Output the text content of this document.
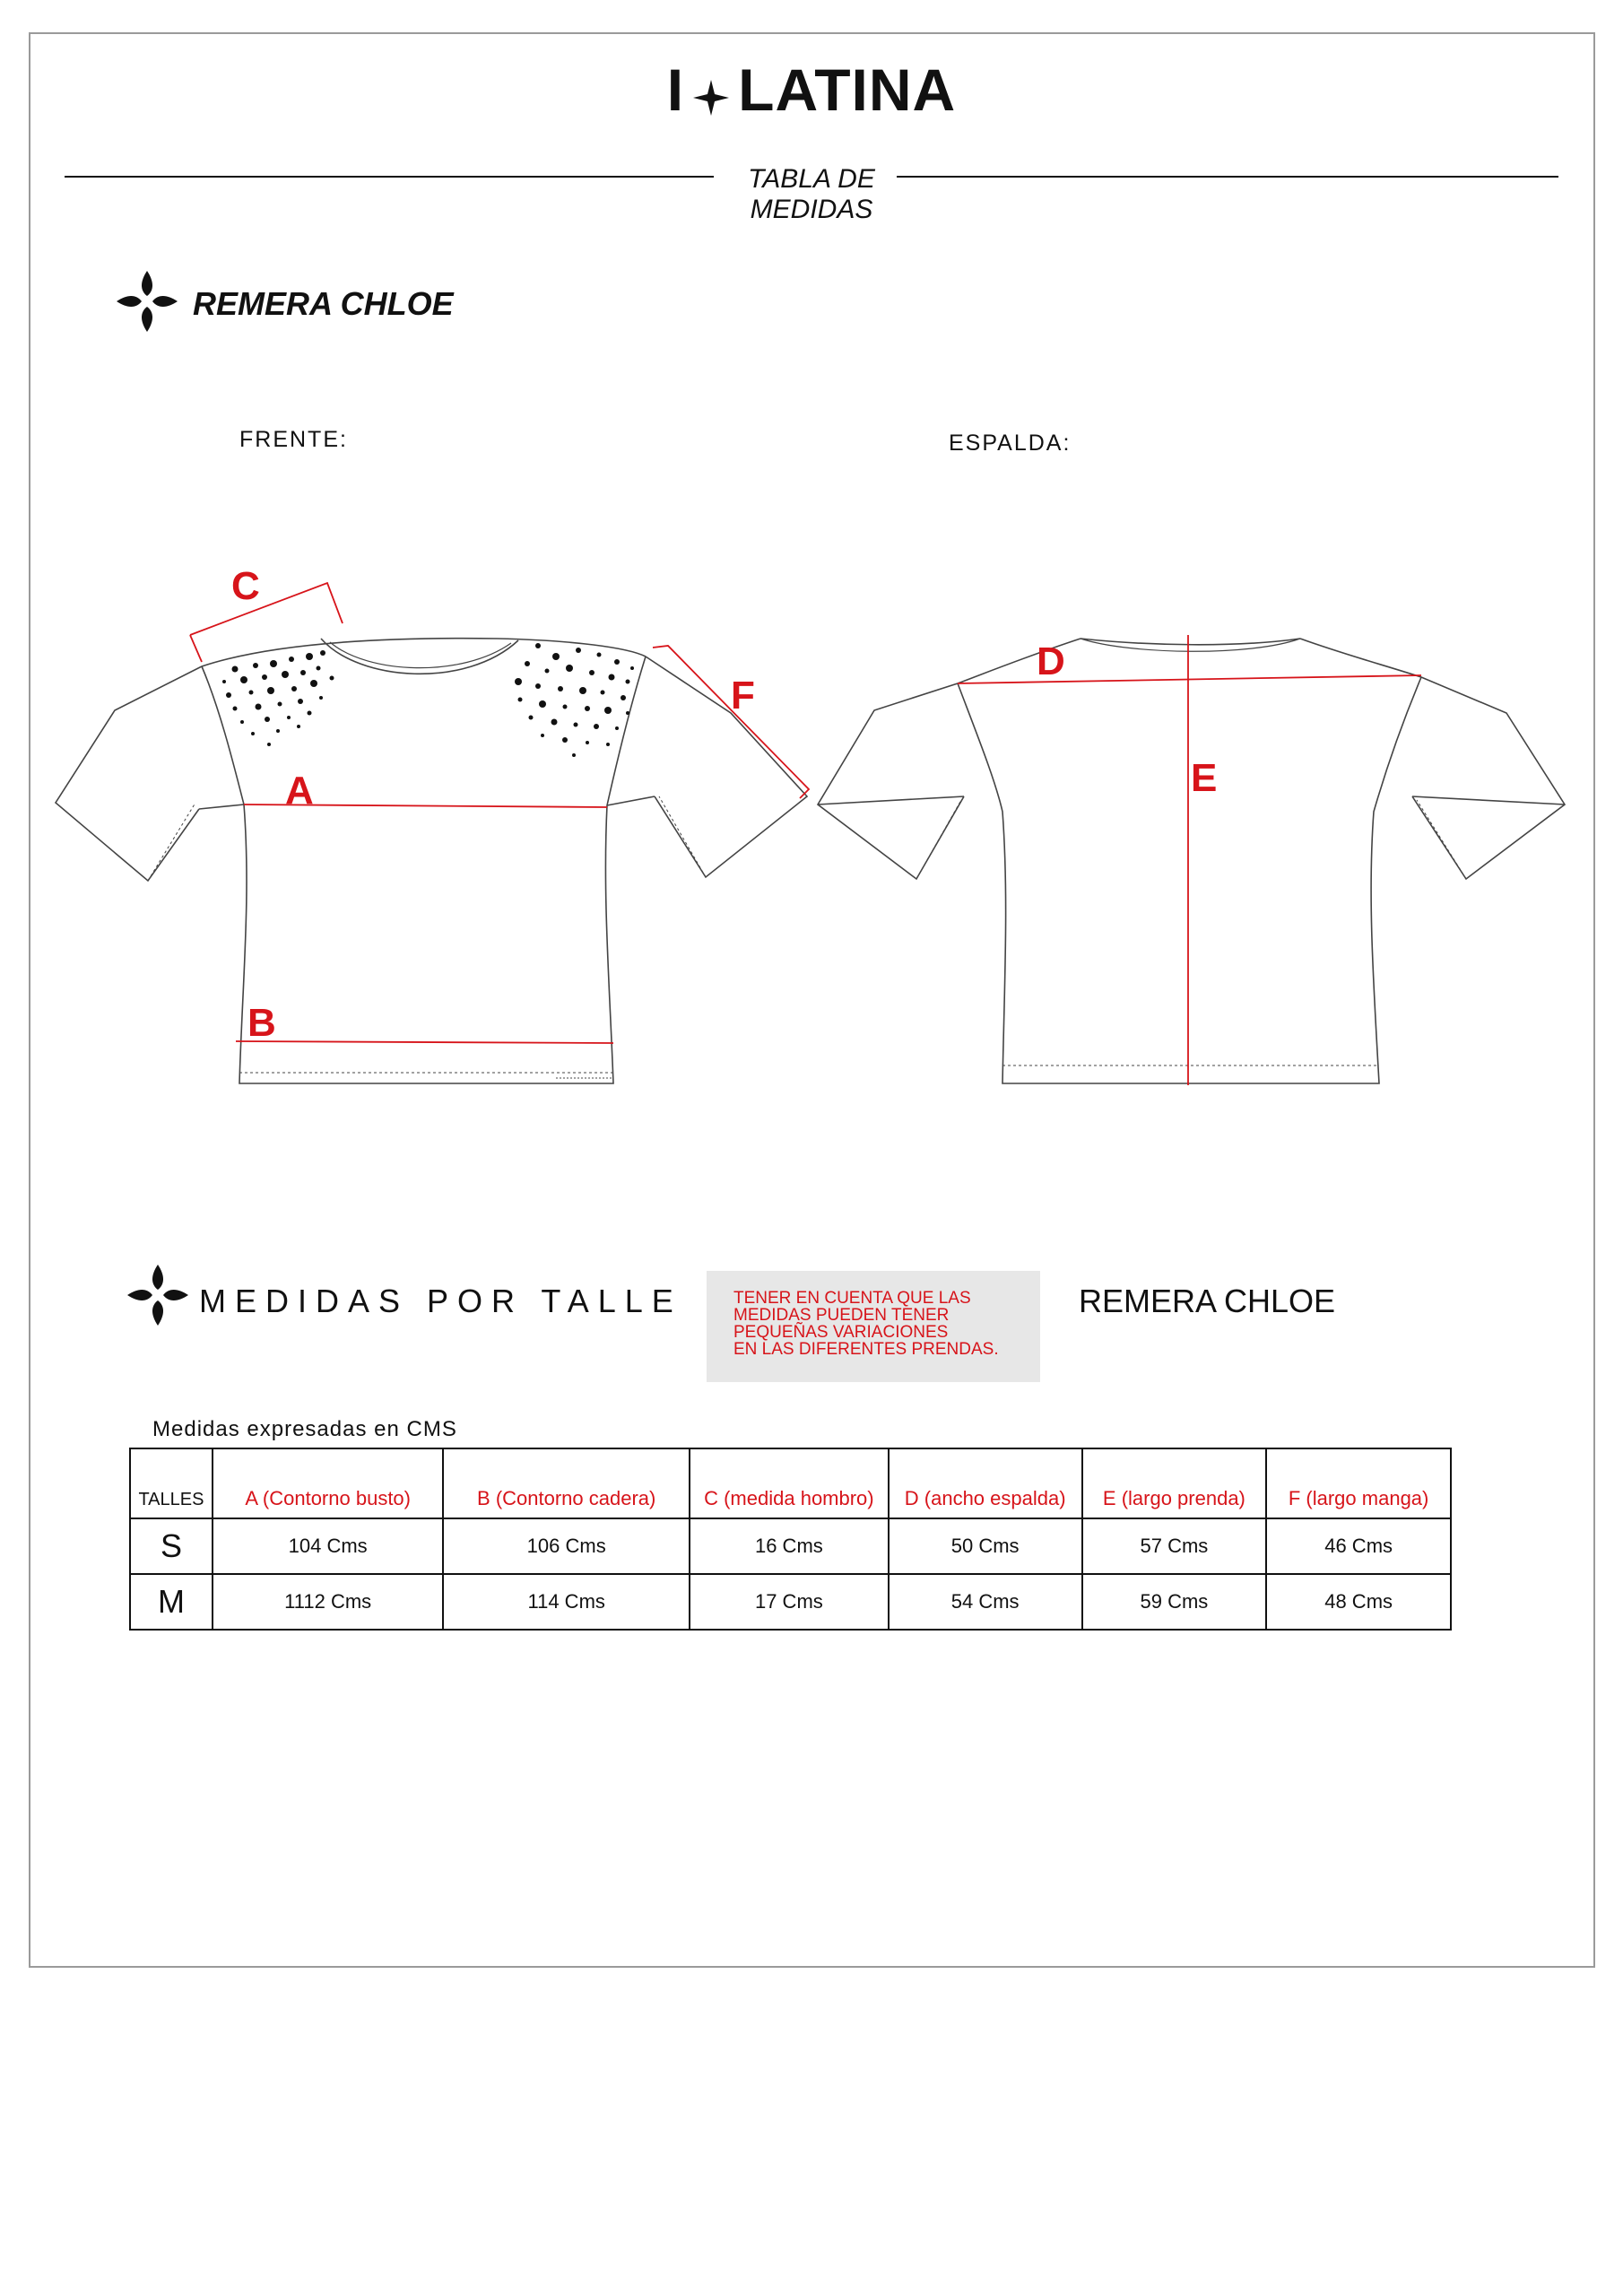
I LATINA
TABLA DE
MEDIDAS
REMERA CHLOE
FRENTE:	ESPALDA:
C
A
B
F
D
E
MEDIDAS POR TALLE	TENER EN CUENTA QUE LAS
MEDIDAS PUEDEN TENER
PEQUEÑAS VARIACIONES
EN LAS DIFERENTES PRENDAS.
REMERA CHLOE
Medidas expresadas en CMS
TALLES	A (Contorno busto)	B (Contorno cadera)	C (medida hombro)	D (ancho espalda)	E (largo prenda)	F (largo manga)
S	104 Cms	106 Cms	16 Cms	50 Cms	57 Cms	46 Cms
M	1112 Cms	114 Cms	17 Cms	54 Cms	59 Cms	48 Cms
